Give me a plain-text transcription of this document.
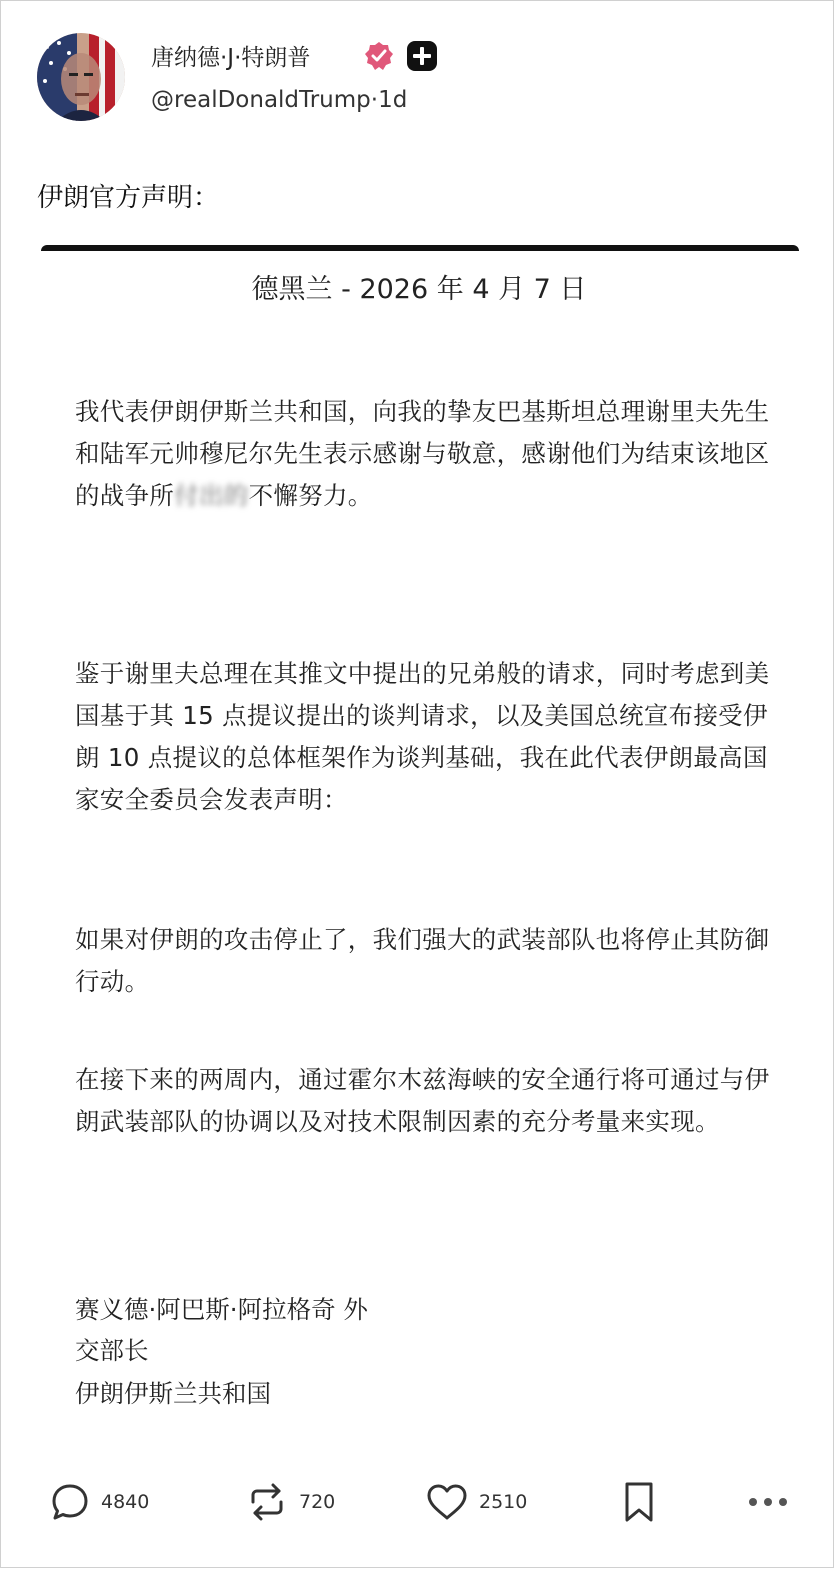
唐纳德·J·特朗普
@realDonaldTrump·1d
伊朗官方声明：
德黑兰 - 2026 年 4 月 7 日
我代表伊朗伊斯兰共和国，向我的挚友巴基斯坦总理谢里夫先生和陆军元帅穆尼尔先生表示感谢与敬意，感谢他们为结束该地区的战争所付出的不懈努力。
鉴于谢里夫总理在其推文中提出的兄弟般的请求，同时考虑到美国基于其 15 点提议提出的谈判请求，以及美国总统宣布接受伊朗 10 点提议的总体框架作为谈判基础，我在此代表伊朗最高国家安全委员会发表声明：
如果对伊朗的攻击停止了，我们强大的武装部队也将停止其防御行动。
在接下来的两周内，通过霍尔木兹海峡的安全通行将可通过与伊朗武装部队的协调以及对技术限制因素的充分考量来实现。
赛义德·阿巴斯·阿拉格奇 外
交部长
伊朗伊斯兰共和国
4840	720	2510
